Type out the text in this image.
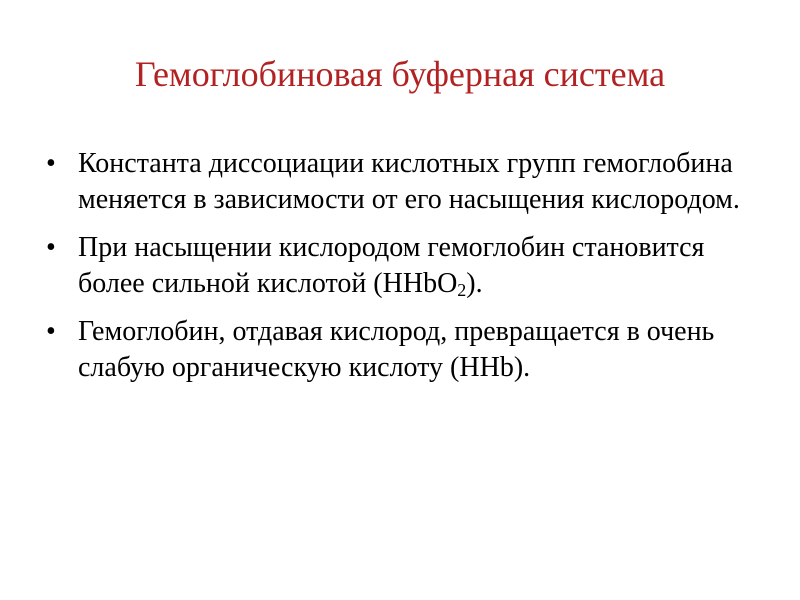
Гемоглобиновая буферная система
• Константа диссоциации кислотных групп гемоглобина меняется в зависимости от его насыщения кислородом.
• При насыщении кислородом гемоглобин становится более сильной кислотой (HHbO$_2$).
• Гемоглобин, отдавая кислород, превращается в очень слабую органическую кислоту (HHb).
